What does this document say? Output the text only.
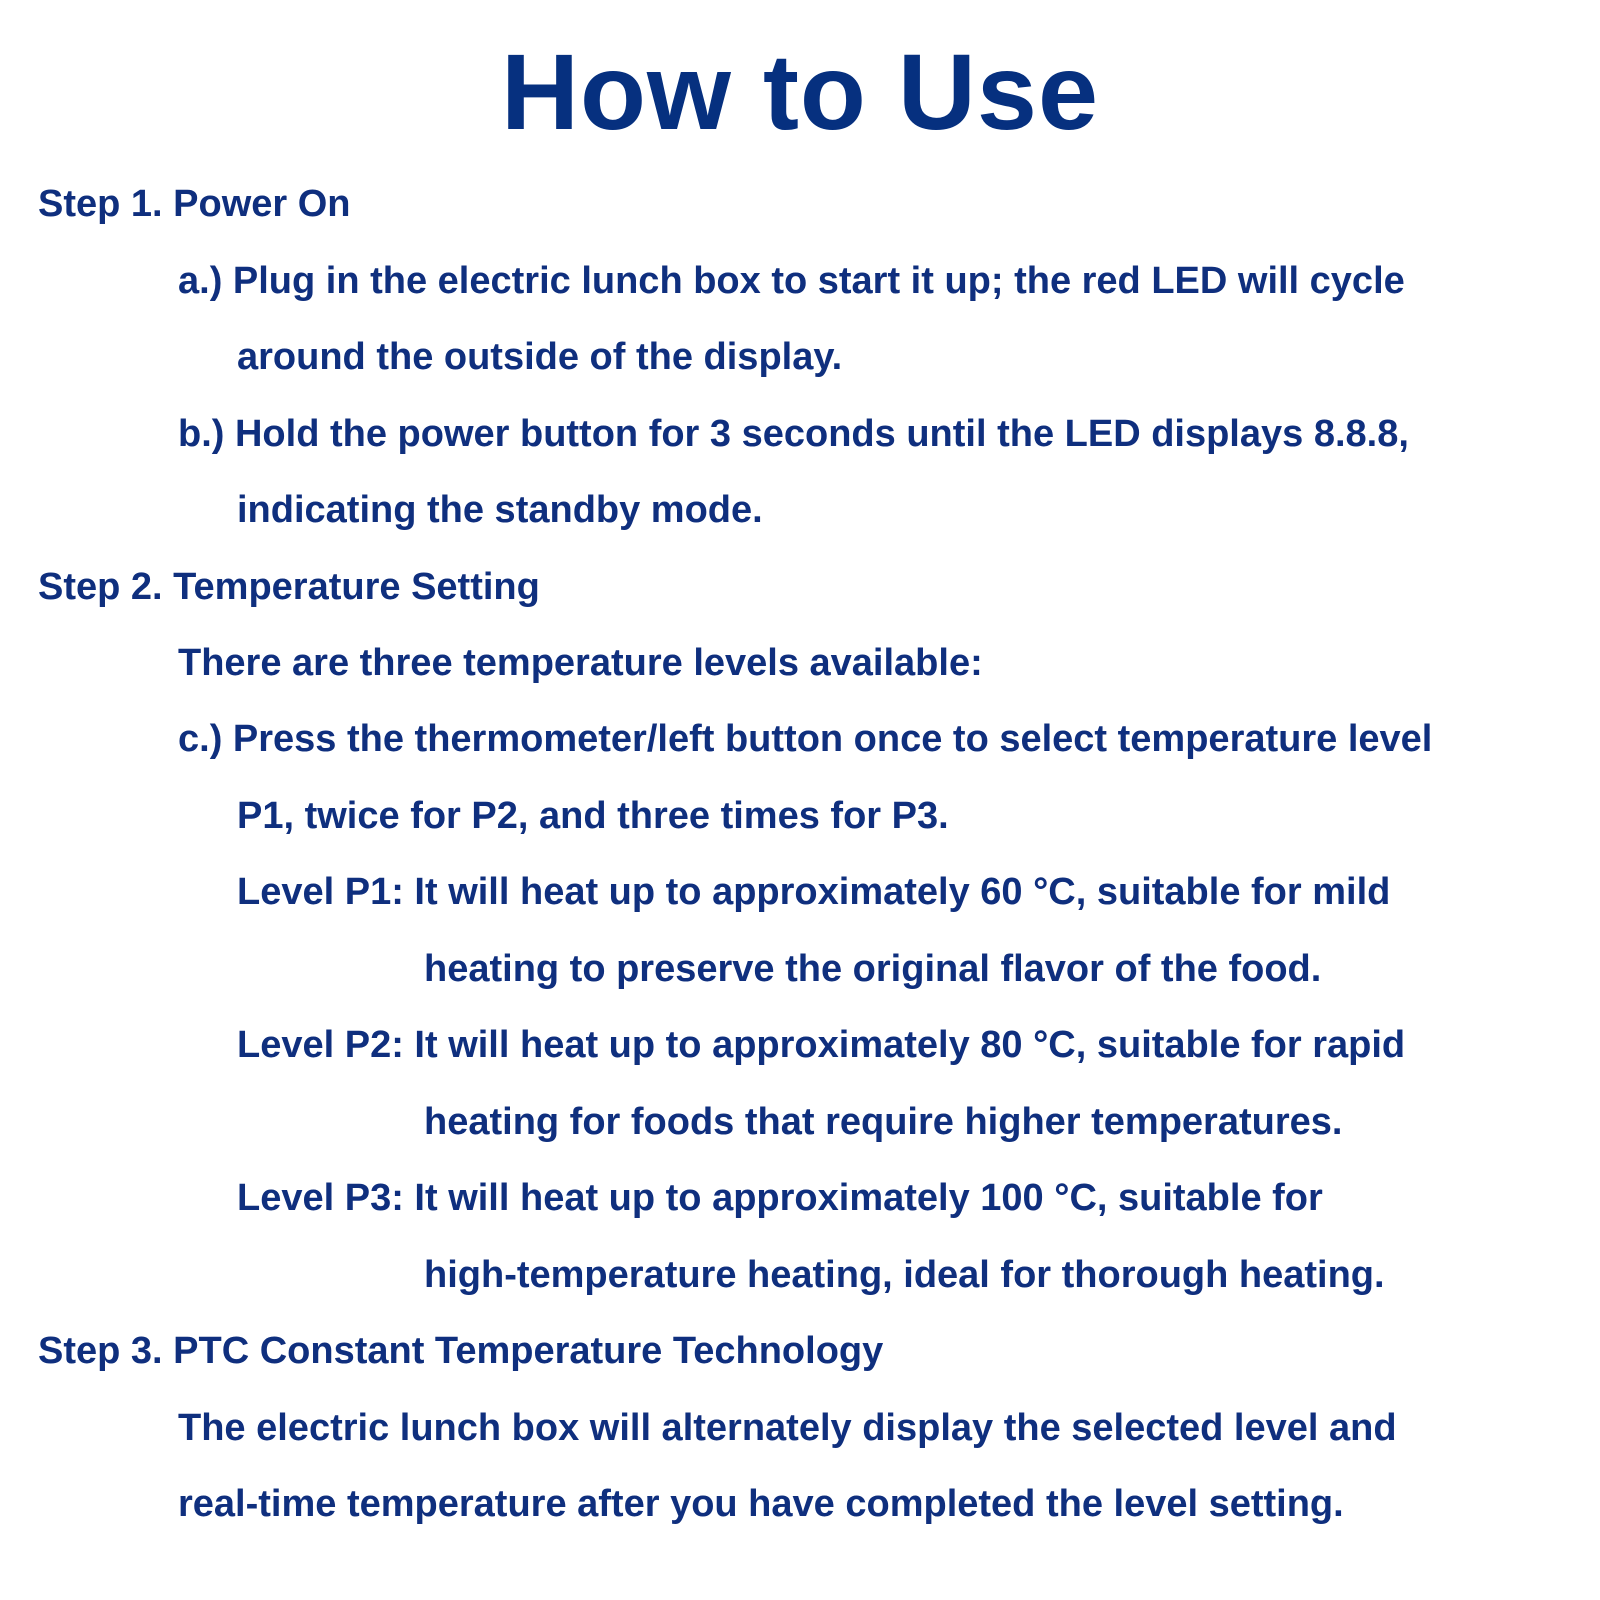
How to Use
Step 1. Power On
a.) Plug in the electric lunch box to start it up; the red LED will cycle
around the outside of the display.
b.) Hold the power button for 3 seconds until the LED displays 8.8.8,
indicating the standby mode.
Step 2. Temperature Setting
There are three temperature levels available:
c.) Press the thermometer/left button once to select temperature level
P1, twice for P2, and three times for P3.
Level P1: It will heat up to approximately 60 °C, suitable for mild
heating to preserve the original flavor of the food.
Level P2: It will heat up to approximately 80 °C, suitable for rapid
heating for foods that require higher temperatures.
Level P3: It will heat up to approximately 100 °C, suitable for
high-temperature heating, ideal for thorough heating.
Step 3. PTC Constant Temperature Technology
The electric lunch box will alternately display the selected level and
real-time temperature after you have completed the level setting.
